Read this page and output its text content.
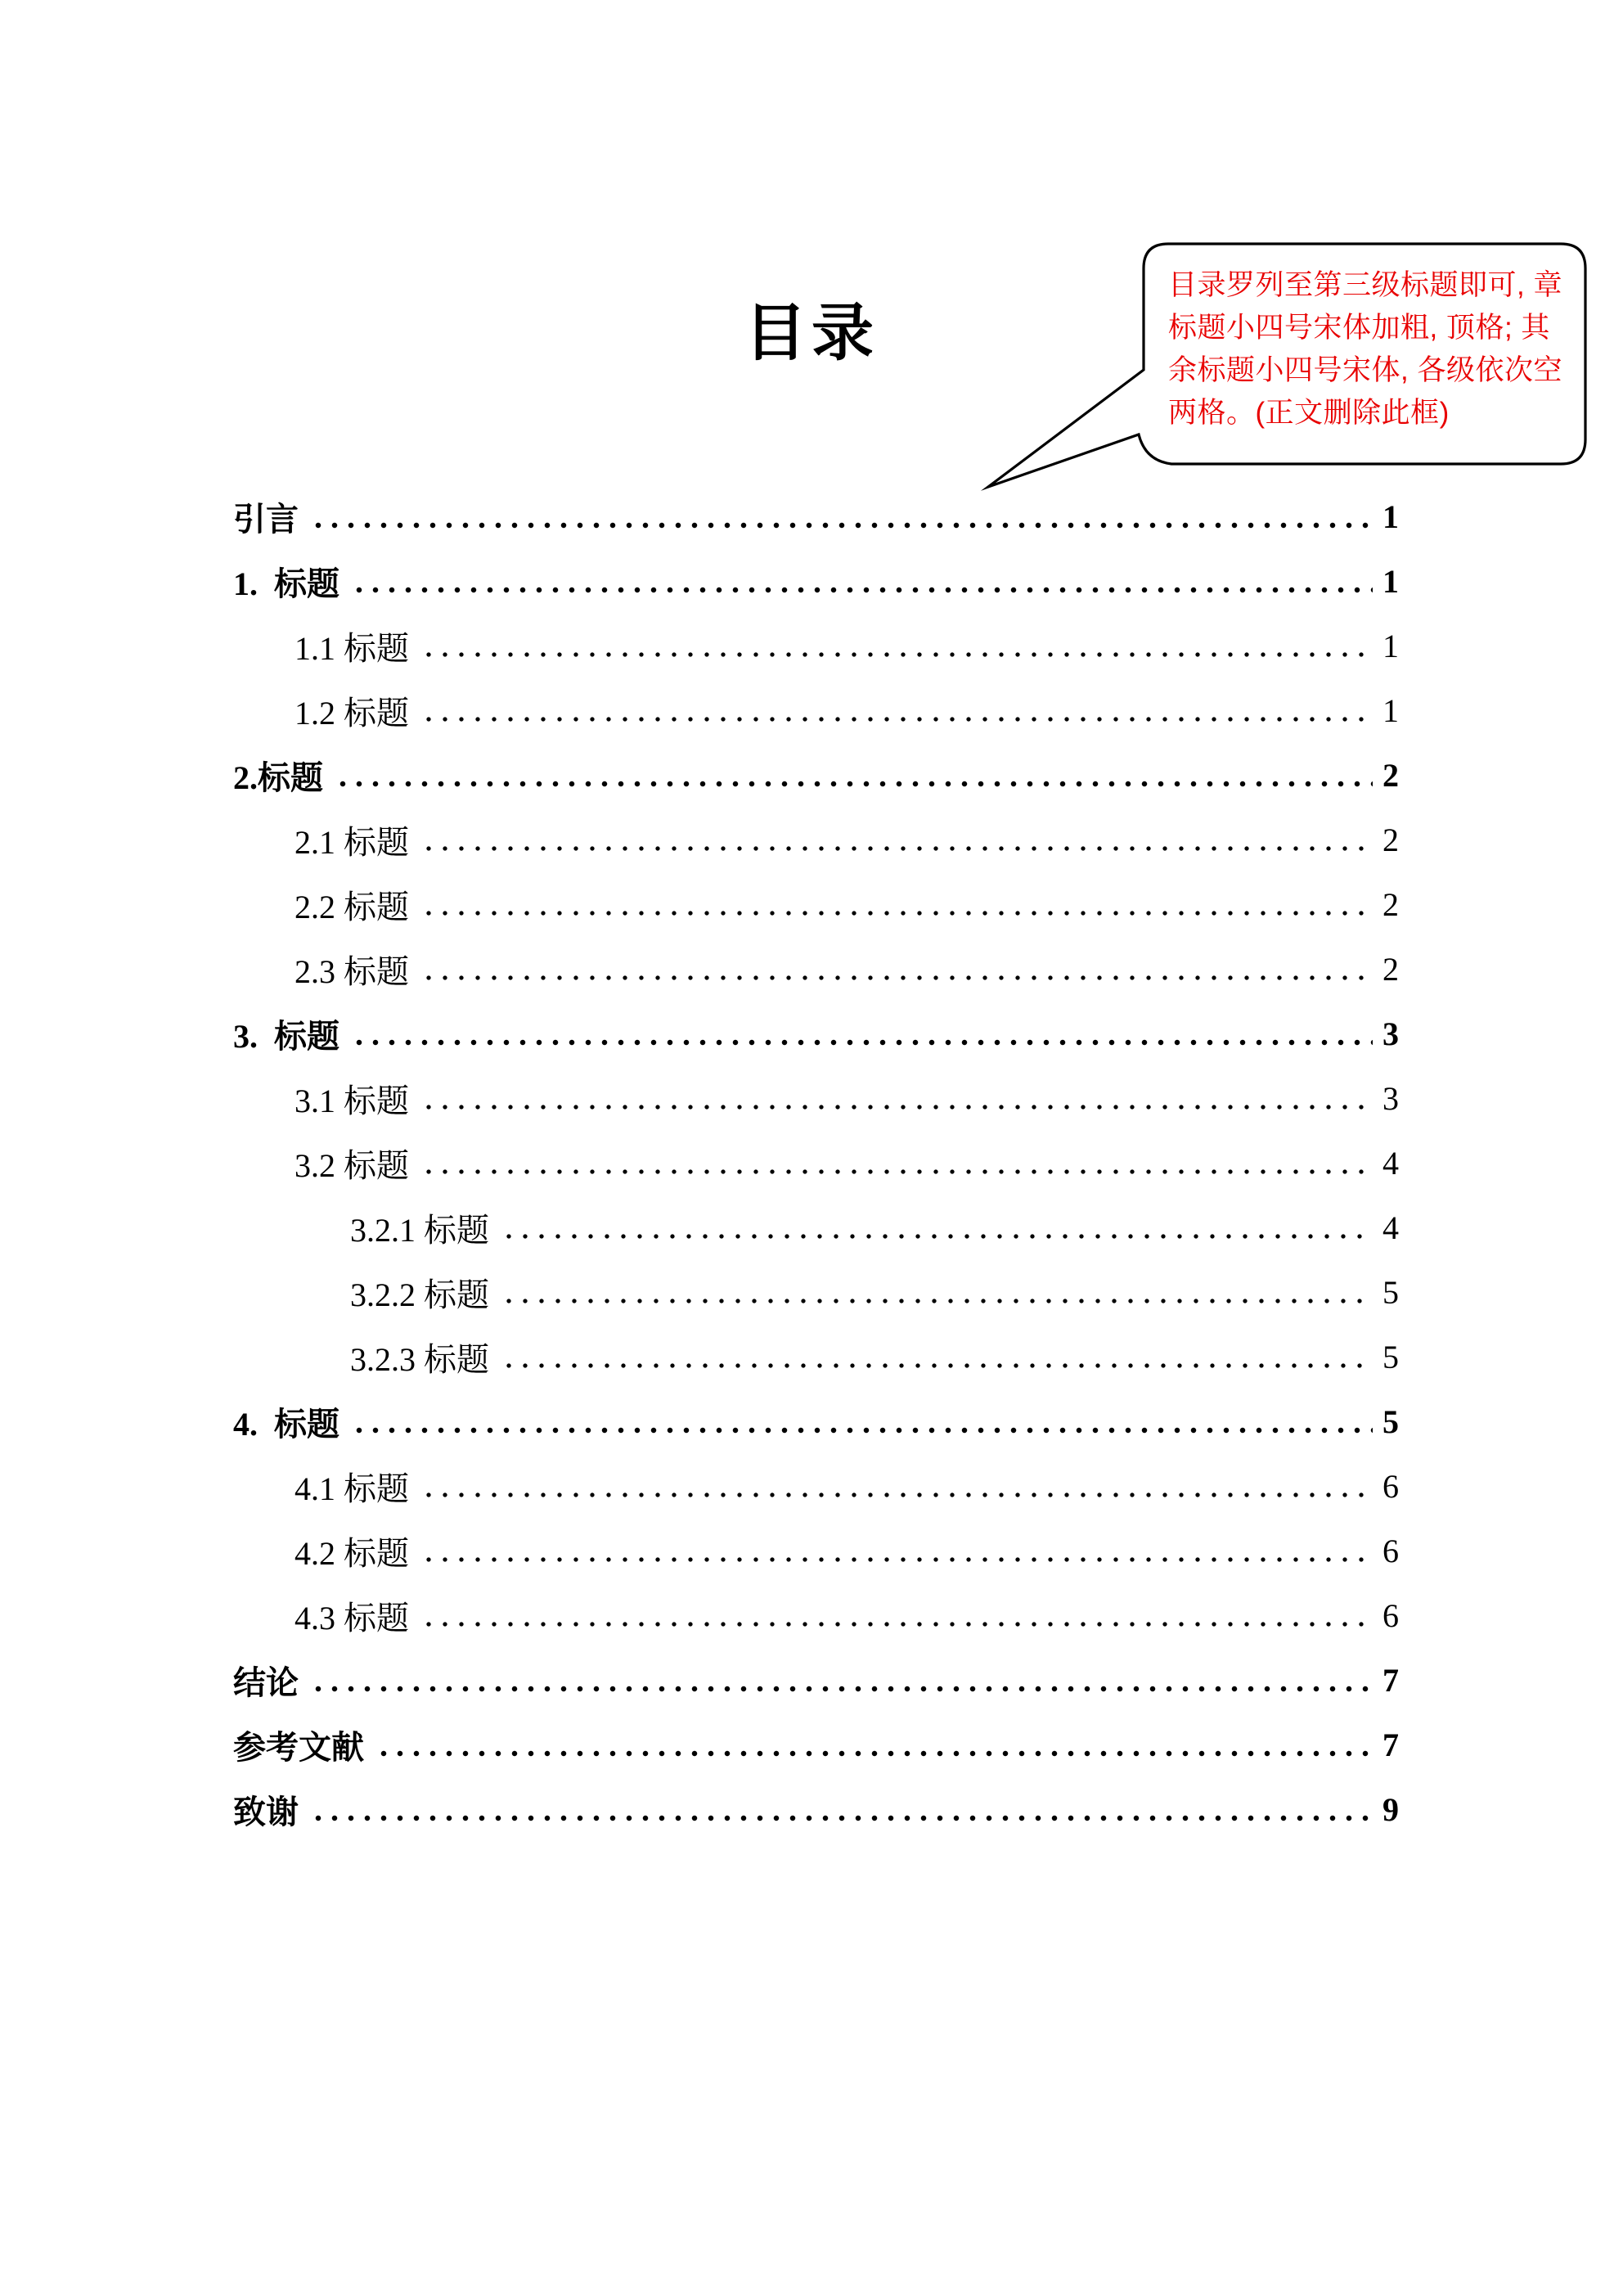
目录
目录罗列至第三级标题即可, 章
标题小四号宋体加粗, 顶格; 其
余标题小四号宋体, 各级依次空
两格。(正文删除此框)
引言	1
1.  标题	1
1.1 标题	1
1.2 标题	1
2.标题	2
2.1 标题	2
2.2 标题	2
2.3 标题	2
3.  标题	3
3.1 标题	3
3.2 标题	4
3.2.1 标题	4
3.2.2 标题	5
3.2.3 标题	5
4.  标题	5
4.1 标题	6
4.2 标题	6
4.3 标题	6
结论	7
参考文献	7
致谢	9
